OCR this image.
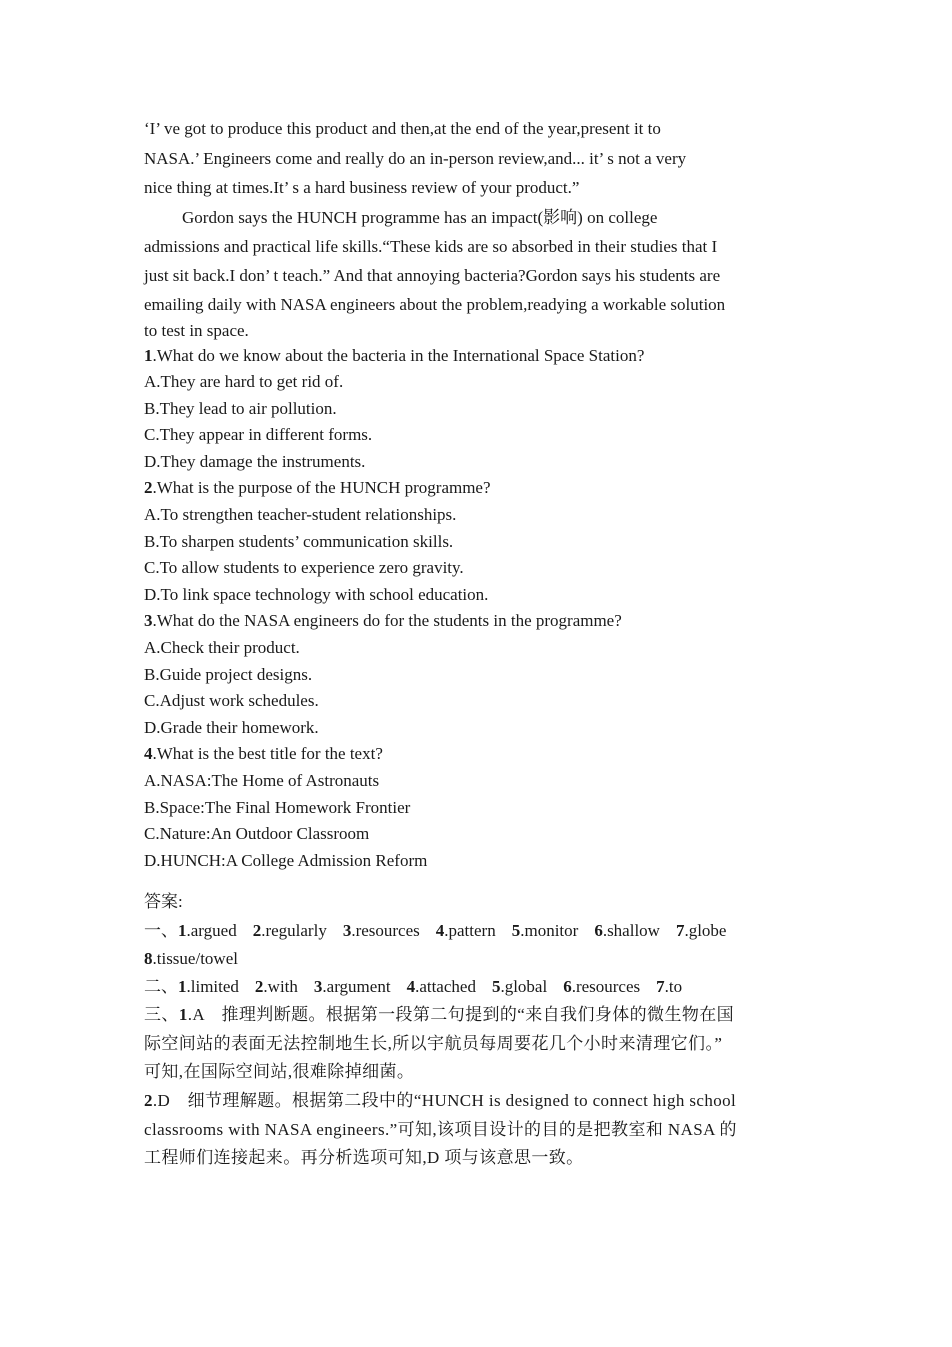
‘I’ ve got to produce this product and then,at the end of the year,present it to
NASA.’ Engineers come and really do an in-person review,and... it’ s not a very
nice thing at times.It’ s a hard business review of your product.”

Gordon says the HUNCH programme has an impact(影响) on college
admissions and practical life skills.“These kids are so absorbed in their studies that I
just sit back.I don’ t teach.” And that annoying bacteria?Gordon says his students are
emailing daily with NASA engineers about the problem,readying a workable solution
to test in space.

1.What do we know about the bacteria in the International Space Station?

A.They are hard to get rid of.

B.They lead to air pollution.

C.They appear in different forms.

D.They damage the instruments.

2.What is the purpose of the HUNCH programme?

A.To strengthen teacher-student relationships.

B.To sharpen students’ communication skills.

C.To allow students to experience zero gravity.

D.To link space technology with school education.

3.What do the NASA engineers do for the students in the programme?

A.Check their product.

B.Guide project designs.

C.Adjust work schedules.

D.Grade their homework.

4.What is the best title for the text?

A.NASA:The Home of Astronauts

B.Space:The Final Homework Frontier

C.Nature:An Outdoor Classroom

D.HUNCH:A College Admission Reform

答案:

一、1.argued 2.regularly 3.resources 4.pattern 5.monitor 6.shallow 7.globe

8.tissue/towel

二、1.limited 2.with 3.argument 4.attached 5.global 6.resources 7.to

三、1.A　推理判断题。根据第一段第二句提到的“来自我们身体的微生物在国
际空间站的表面无法控制地生长,所以宇航员每周要花几个小时来清理它们。”
可知,在国际空间站,很难除掉细菌。
2.D　细节理解题。根据第二段中的“HUNCH is designed to connect high school
classrooms with NASA engineers.”可知,该项目设计的目的是把教室和 NASA 的
工程师们连接起来。再分析选项可知,D 项与该意思一致。
